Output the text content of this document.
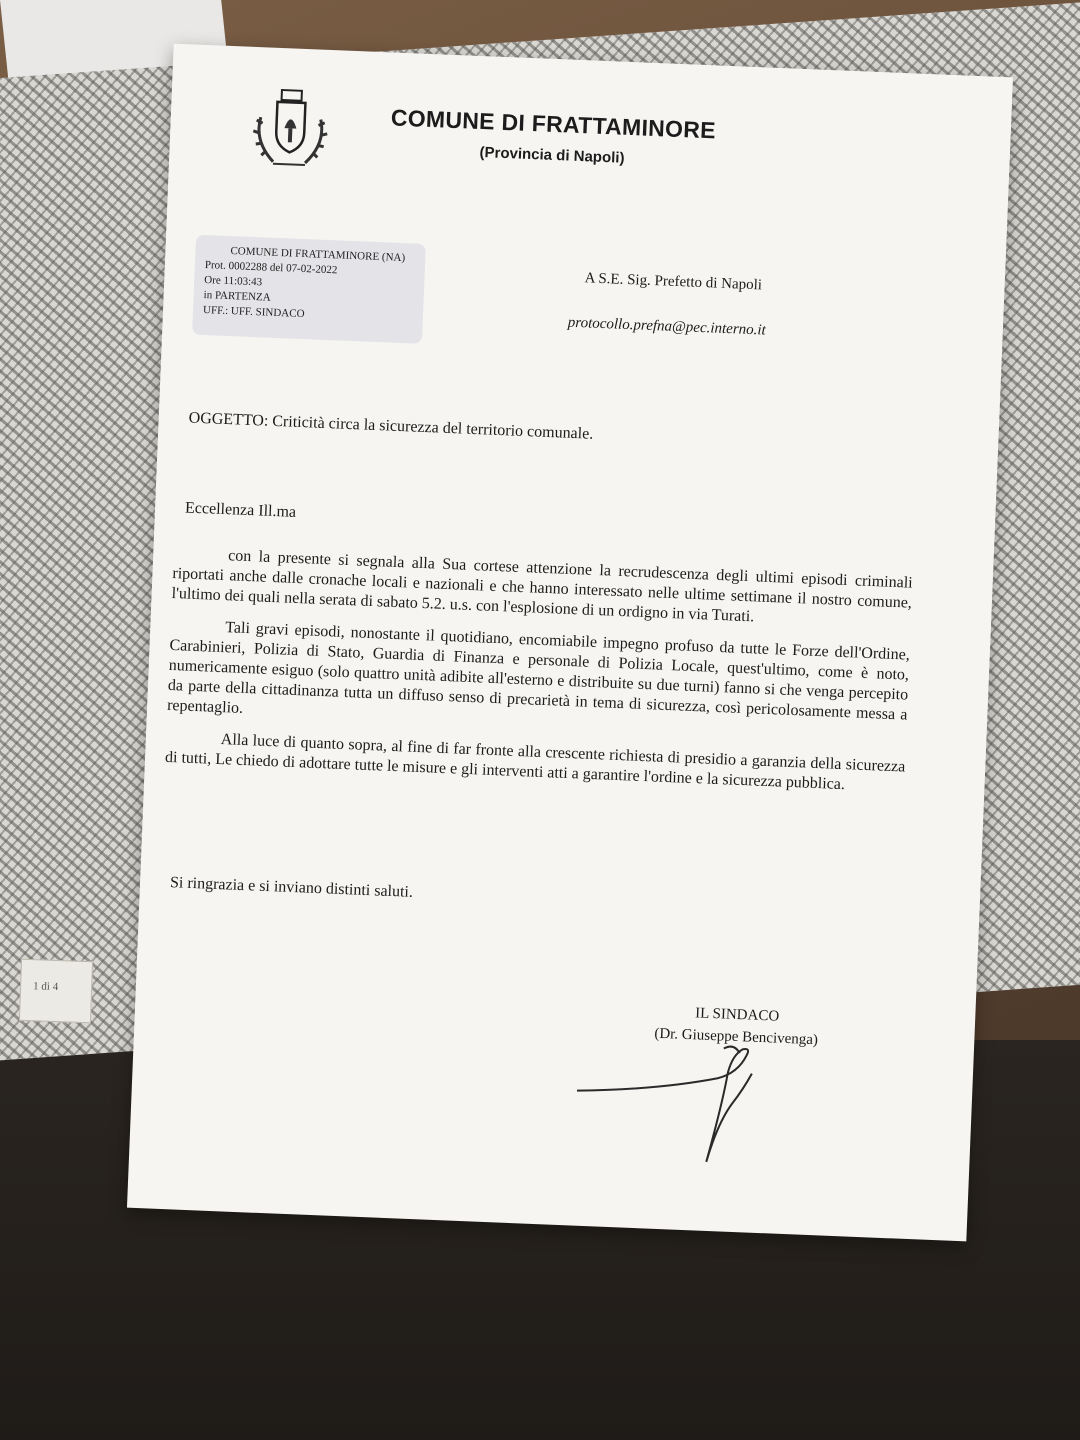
1 di 4
COMUNE DI FRATTAMINORE
(Provincia di Napoli)
COMUNE DI FRATTAMINORE (NA)
Prot. 0002288 del 07-02-2022
Ore 11:03:43
in PARTENZA
UFF.: UFF. SINDACO
A S.E. Sig. Prefetto di Napoli
protocollo.prefna@pec.interno.it
OGGETTO: Criticità circa la sicurezza del territorio comunale.
Eccellenza Ill.ma

con la presente si segnala alla Sua cortese attenzione la recrudescenza degli ultimi episodi criminali riportati anche dalle cronache locali e nazionali e che hanno interessato nelle ultime settimane il nostro comune, l'ultimo dei quali nella serata di sabato 5.2. u.s. con l'esplosione di un ordigno in via Turati.

Tali gravi episodi, nonostante il quotidiano, encomiabile impegno profuso da tutte le Forze dell'Ordine, Carabinieri, Polizia di Stato, Guardia di Finanza e personale di Polizia Locale, quest'ultimo, come è noto, numericamente esiguo (solo quattro unità adibite all'esterno e distribuite su due turni) fanno si che venga percepito da parte della cittadinanza tutta un diffuso senso di precarietà in tema di sicurezza, così pericolosamente messa a repentaglio.

Alla luce di quanto sopra, al fine di far fronte alla crescente richiesta di presidio a garanzia della sicurezza di tutti, Le chiedo di adottare tutte le misure e gli interventi atti a garantire l'ordine e la sicurezza pubblica.

Si ringrazia e si inviano distinti saluti.
IL SINDACO
(Dr. Giuseppe Bencivenga)
